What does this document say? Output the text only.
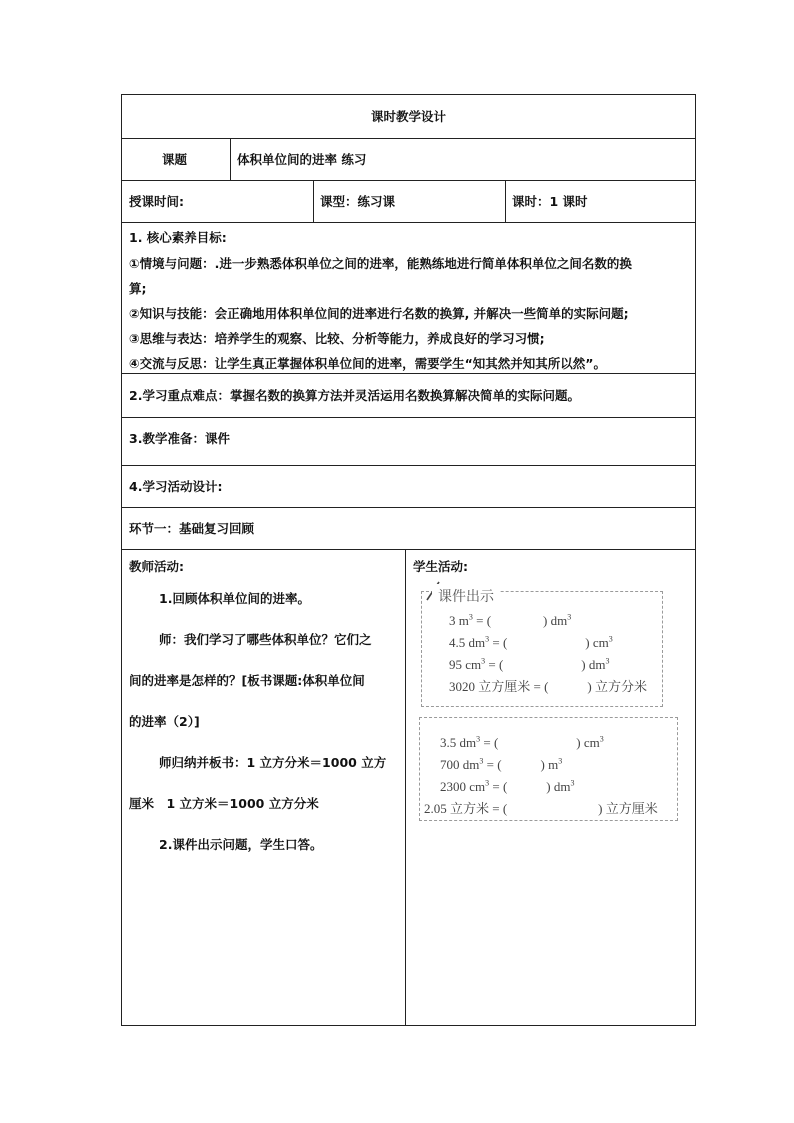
课时教学设计
课题	体积单位间的进率 练习
授课时间:	课型：练习课	课时：1 课时
1. 核心素养目标:
①情境与问题：.进一步熟悉体积单位之间的进率，能熟练地进行简单体积单位之间名数的换
算;
②知识与技能：会正确地用体积单位间的进率进行名数的换算, 并解决一些简单的实际问题;
③思维与表达：培养学生的观察、比较、分析等能力，养成良好的学习习惯;
④交流与反思：让学生真正掌握体积单位间的进率，需要学生“知其然并知其所以然”。
2.学习重点难点：掌握名数的换算方法并灵活运用名数换算解决简单的实际问题。
3.教学准备：课件
4.学习活动设计:
环节一：基础复习回顾
教师活动:
1.回顾体积单位间的进率。
师：我们学习了哪些体积单位？它们之
间的进率是怎样的？[板书课题:体积单位间
的进率（2）]
师归纳并板书：1 立方分米＝1000 立方
厘米　1 立方米＝1000 立方分米
2.课件出示问题，学生口答。
学生活动:
课件出示
3 $m^3$ = (　　　　) $dm^3$
4.5 $dm^3$ = (　　　　　　) $cm^3$
95 $cm^3$ = (　　　　　　) $dm^3$
3020 立方厘米 = (　　　) 立方分米
3.5 $dm^3$ = (　　　　　　) $cm^3$
700 $dm^3$ = (　　　) $m^3$
2300 $cm^3$ = (　　　) $dm^3$
2.05 立方米 = (　　　　　　　) 立方厘米
